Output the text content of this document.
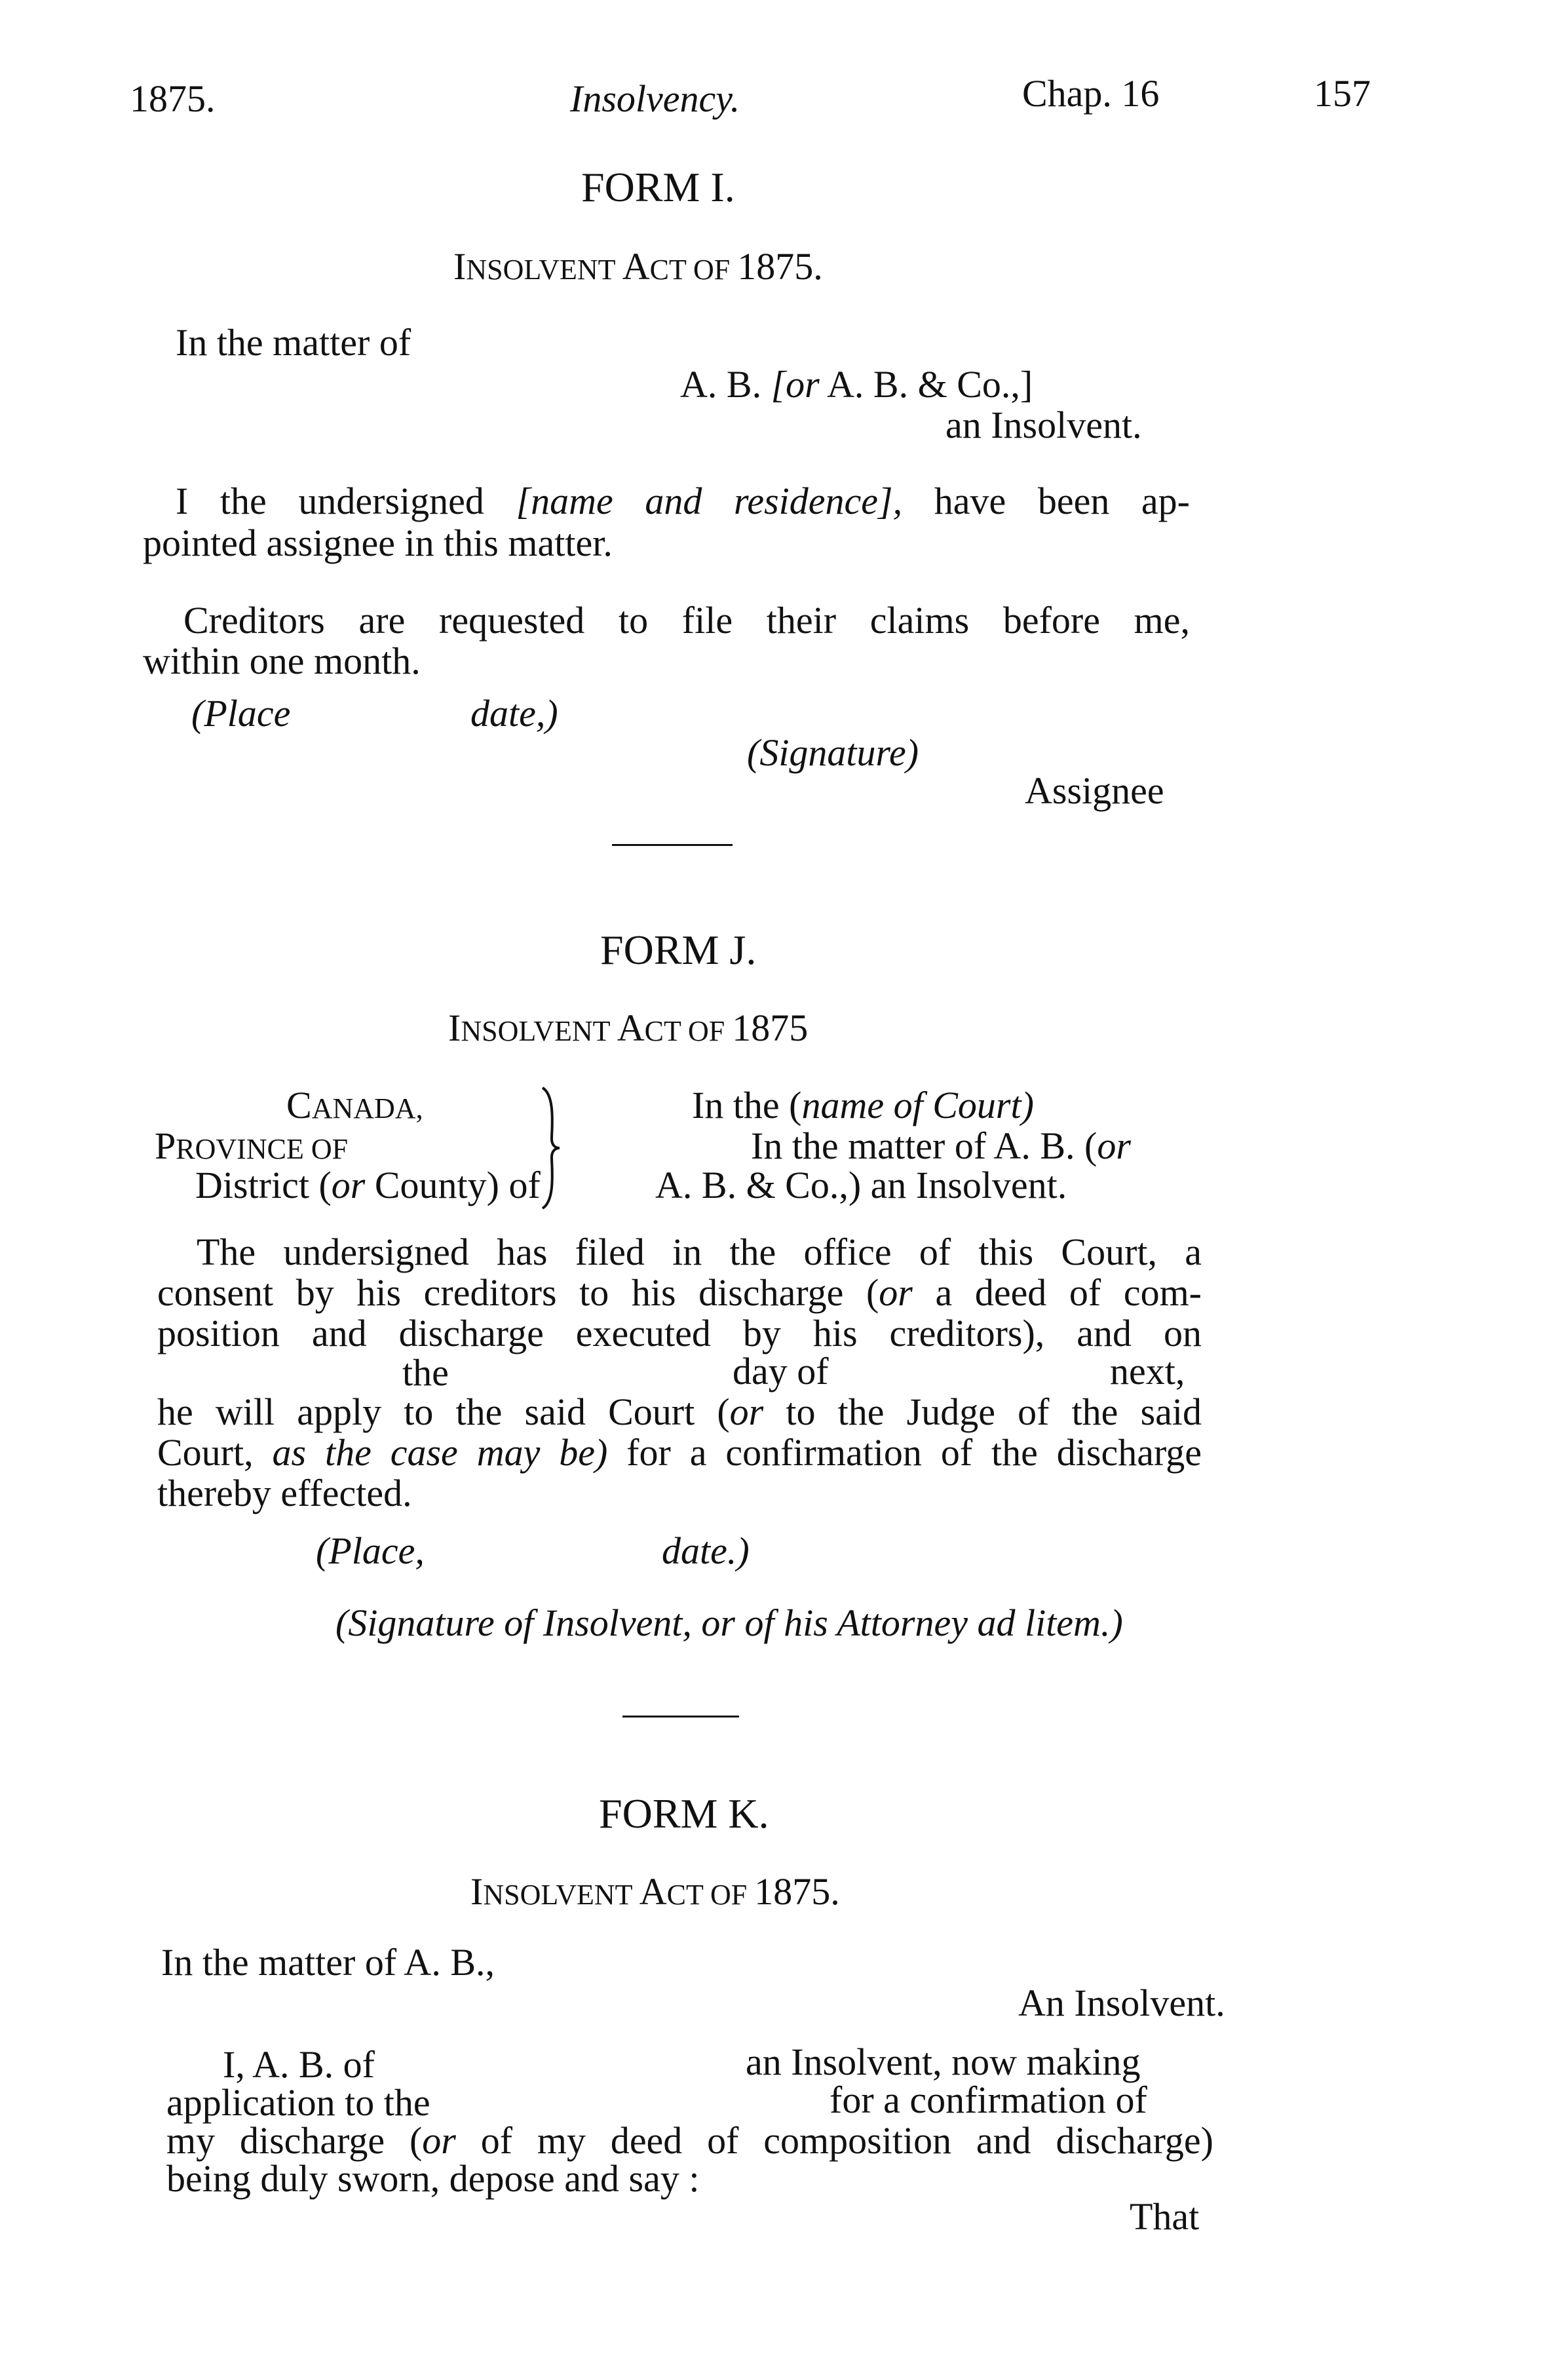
1875.	Insolvency.	Chap. 16	157
FORM I.
INSOLVENT ACT OF 1875.
In the matter of
A. B. [or A. B. & Co.,]
an Insolvent.
I the undersigned [name and residence], have been ap-
pointed assignee in this matter.
Creditors are requested to file their claims before me,
within one month.
(Place	date,)
(Signature)
Assignee
FORM J.
INSOLVENT ACT OF 1875
CANADA,
PROVINCE OF
District (or County) of
In the (name of Court)
In the matter of A. B. (or
A. B. & Co.,) an Insolvent.
The undersigned has filed in the office of this Court, a
consent by his creditors to his discharge (or a deed of com-
position and discharge executed by his creditors), and on
the	day of	next,
he will apply to the said Court (or to the Judge of the said
Court, as the case may be) for a confirmation of the discharge
thereby effected.
(Place,	date.)
(Signature of Insolvent, or of his Attorney ad litem.)
FORM K.
INSOLVENT ACT OF 1875.
In the matter of A. B.,
An Insolvent.
I, A. B. of	an Insolvent, now making
application to the	for a confirmation of
my discharge (or of my deed of composition and discharge)
being duly sworn, depose and say :
That
